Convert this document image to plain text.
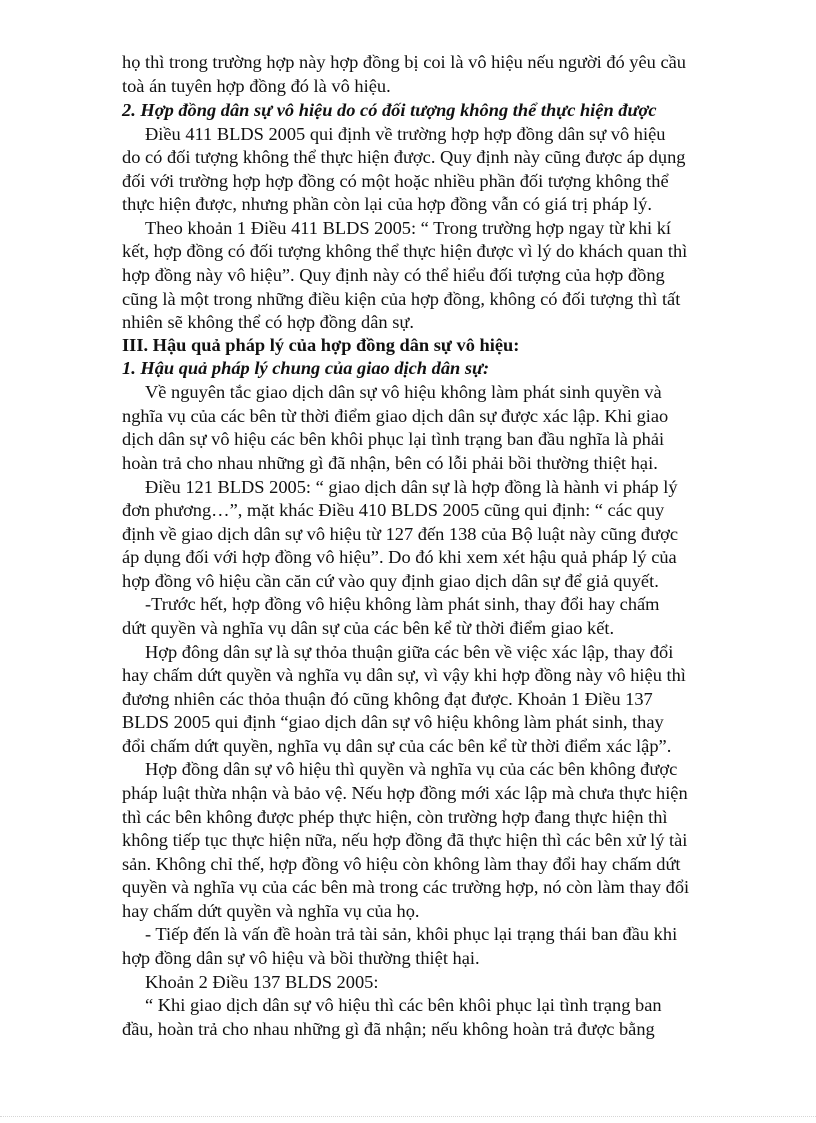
họ thì trong trường hợp này hợp đồng bị coi là vô hiệu nếu người đó yêu cầu

toà án tuyên hợp đồng đó là vô hiệu.

2. Hợp đồng dân sự vô hiệu do có đối tượng không thể thực hiện được

Điều 411 BLDS 2005 qui định về trường hợp hợp đồng dân sự vô hiệu

do có đối tượng không thể thực hiện được. Quy định này cũng được áp dụng

đối với trường hợp hợp đồng có một hoặc nhiều phần đối tượng không thể

thực hiện được, nhưng phần còn lại của hợp đồng vẫn có giá trị pháp lý.

Theo khoản 1 Điều 411 BLDS 2005: “ Trong trường hợp ngay từ khi kí

kết, hợp đồng có đối tượng không thể thực hiện được vì lý do khách quan thì

hợp đồng này vô hiệu”. Quy định này có thể hiểu đối tượng của hợp đồng

cũng là một trong những điều kiện của hợp đồng, không có đối tượng thì tất

nhiên sẽ không thể có hợp đồng dân sự.

III. Hậu quả pháp lý của hợp đồng dân sự vô hiệu:

1. Hậu quả pháp lý chung của giao dịch dân sự:

Về nguyên tắc giao dịch dân sự vô hiệu không làm phát sinh quyền và

nghĩa vụ của các bên từ thời điểm giao dịch dân sự được xác lập. Khi giao

dịch dân sự vô hiệu các bên khôi phục lại tình trạng ban đầu nghĩa là phải

hoàn trả cho nhau những gì đã nhận, bên có lỗi phải bồi thường thiệt hại.

Điều 121 BLDS 2005: “ giao dịch dân sự là hợp đồng là hành vi pháp lý

đơn phương…”, mặt khác Điều 410 BLDS 2005 cũng qui định: “ các quy

định về giao dịch dân sự vô hiệu từ 127 đến 138 của Bộ luật này cũng được

áp dụng đối với hợp đồng vô hiệu”. Do đó khi xem xét hậu quả pháp lý của

hợp đồng vô hiệu cần căn cứ vào quy định giao dịch dân sự để giả quyết.

-Trước hết, hợp đồng vô hiệu không làm phát sinh, thay đổi hay chấm

dứt quyền và nghĩa vụ dân sự của các bên kể từ thời điểm giao kết.

Hợp đông dân sự là sự thỏa thuận giữa các bên về việc xác lập, thay đổi

hay chấm dứt quyền và nghĩa vụ dân sự, vì vậy khi hợp đồng này vô hiệu thì

đương nhiên các thỏa thuận đó cũng không đạt được. Khoản 1 Điều 137

BLDS 2005 qui định “giao dịch dân sự vô hiệu không làm phát sinh, thay

đổi chấm dứt quyền, nghĩa vụ dân sự của các bên kể từ thời điểm xác lập”.

Hợp đồng dân sự vô hiệu thì quyền và nghĩa vụ của các bên không được

pháp luật thừa nhận và bảo vệ. Nếu hợp đồng mới xác lập mà chưa thực hiện

thì các bên không được phép thực hiện, còn trường hợp đang thực hiện thì

không tiếp tục thực hiện nữa, nếu hợp đồng đã thực hiện thì các bên xử lý tài

sản. Không chỉ thế, hợp đồng vô hiệu còn không làm thay đổi hay chấm dứt

quyền và nghĩa vụ của các bên mà trong các trường hợp, nó còn làm thay đổi

hay chấm dứt quyền và nghĩa vụ của họ.

- Tiếp đến là vấn đề hoàn trả tài sản, khôi phục lại trạng thái ban đầu khi

hợp đồng dân sự vô hiệu và bồi thường thiệt hại.

Khoản 2 Điều 137 BLDS 2005:

“ Khi giao dịch dân sự vô hiệu thì các bên khôi phục lại tình trạng ban

đầu, hoàn trả cho nhau những gì đã nhận; nếu không hoàn trả được bằng
